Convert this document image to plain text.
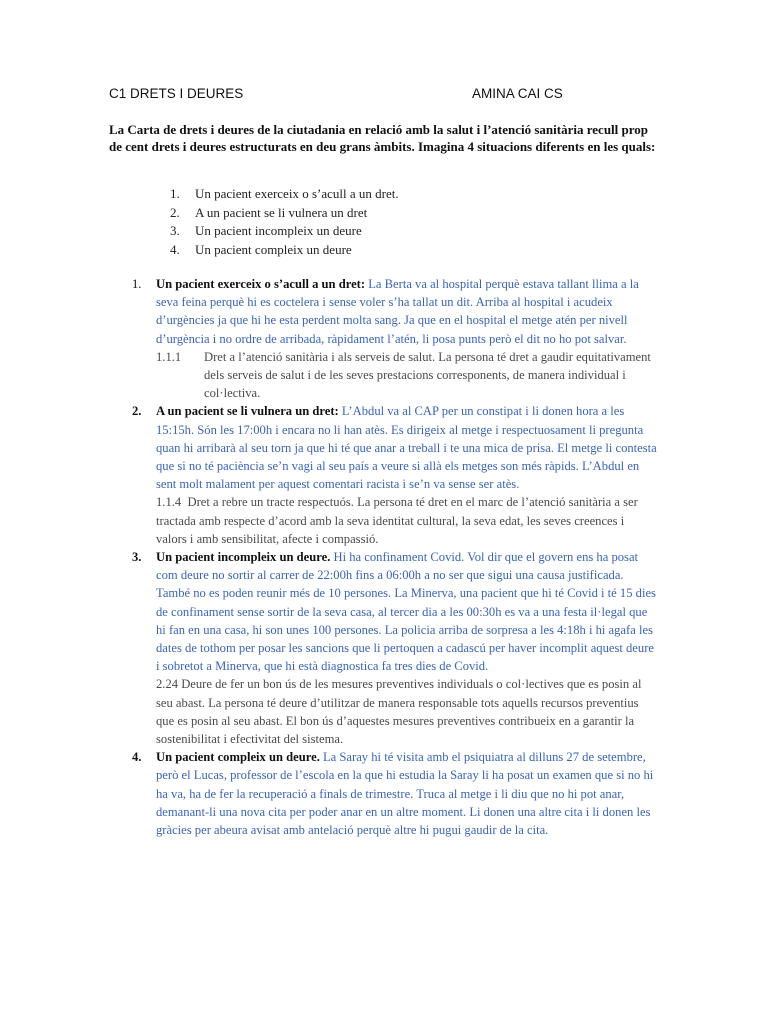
C1 DRETS I DEURES	AMINA CAI CS
La Carta de drets i deures de la ciutadania en relació amb la salut i l’atenció sanitària recull prop de cent drets i deures estructurats en deu grans àmbits. Imagina 4 situacions diferents en les quals:
1. Un pacient exerceix o s’acull a un dret.
2. A un pacient se li vulnera un dret
3. Un pacient incompleix un deure
4. Un pacient compleix un deure
1. Un pacient exerceix o s’acull a un dret: La Berta va al hospital perquè estava tallant llima a la seva feina perquè hi es coctelera i sense voler s’ha tallat un dit. Arriba al hospital i acudeix d’urgències ja que hi he esta perdent molta sang. Ja que en el hospital el metge atén per nivell d’urgència i no ordre de arribada, ràpidament l’atén, li posa punts però el dit no ho pot salvar.
1.1.1 Dret a l’atenció sanitària i als serveis de salut. La persona té dret a gaudir equitativament dels serveis de salut i de les seves prestacions corresponents, de manera individual i col·lectiva.
2. A un pacient se li vulnera un dret: L’Abdul va al CAP per un constipat i li donen hora a les 15:15h. Són les 17:00h i encara no li han atès. Es dirigeix al metge i respectuosament li pregunta quan hi arribarà al seu torn ja que hi té que anar a treball i te una mica de prisa. El metge li contesta que si no té paciència se’n vagi al seu país a veure si allà els metges son més ràpids. L’Abdul en sent molt malament per aquest comentari racista i se’n va sense ser atès.
1.1.4 Dret a rebre un tracte respectuós. La persona té dret en el marc de l’atenció sanitària a ser tractada amb respecte d’acord amb la seva identitat cultural, la seva edat, les seves creences i valors i amb sensibilitat, afecte i compassió.
3. Un pacient incompleix un deure. Hi ha confinament Covid. Vol dir que el govern ens ha posat com deure no sortir al carrer de 22:00h fins a 06:00h a no ser que sigui una causa justificada. També no es poden reunir més de 10 persones. La Minerva, una pacient que hi té Covid i té 15 dies de confinament sense sortir de la seva casa, al tercer dia a les 00:30h es va a una festa il·legal que hi fan en una casa, hi son unes 100 persones. La policia arriba de sorpresa a les 4:18h i hi agafa les dates de tothom per posar les sancions que li pertoquen a cadascú per haver incomplit aquest deure i sobretot a Minerva, que hi està diagnostica fa tres dies de Covid.
2.24 Deure de fer un bon ús de les mesures preventives individuals o col·lectives que es posin al seu abast. La persona té deure d’utilitzar de manera responsable tots aquells recursos preventius que es posin al seu abast. El bon ús d’aquestes mesures preventives contribueix en a garantir la sostenibilitat i efectivitat del sistema.
4. Un pacient compleix un deure. La Saray hi té visita amb el psiquiatra al dilluns 27 de setembre, però el Lucas, professor de l’escola en la que hi estudia la Saray li ha posat un examen que si no hi ha va, ha de fer la recuperació a finals de trimestre. Truca al metge i li diu que no hi pot anar, demanant-li una nova cita per poder anar en un altre moment. Li donen una altre cita i li donen les gràcies per abeura avisat amb antelació perquè altre hi pugui gaudir de la cita.
